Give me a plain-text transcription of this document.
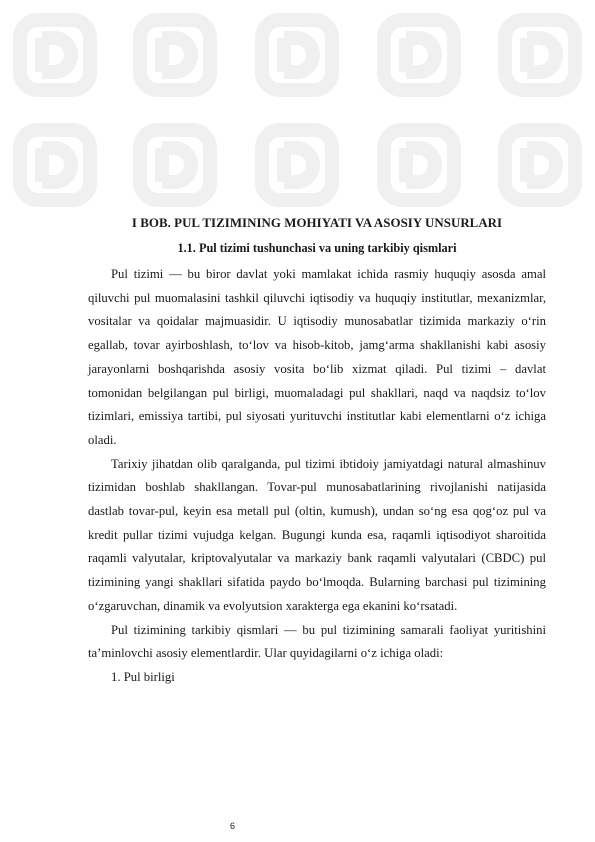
I BOB. PUL TIZIMINING MOHIYATI VA ASOSIY UNSURLARI
1.1. Pul tizimi tushunchasi va uning tarkibiy qismlari

Pul tizimi — bu biror davlat yoki mamlakat ichida rasmiy huquqiy asosda amal qiluvchi pul muomalasini tashkil qiluvchi iqtisodiy va huquqiy institutlar, mexanizmlar, vositalar va qoidalar majmuasidir. U iqtisodiy munosabatlar tizimida markaziy o‘rin egallab, tovar ayirboshlash, to‘lov va hisob-kitob, jamg‘arma shakllanishi kabi asosiy jarayonlarni boshqarishda asosiy vosita bo‘lib xizmat qiladi. Pul tizimi – davlat tomonidan belgilangan pul birligi, muomaladagi pul shakllari, naqd va naqdsiz to‘lov tizimlari, emissiya tartibi, pul siyosati yurituvchi institutlar kabi elementlarni o‘z ichiga oladi.

Tarixiy jihatdan olib qaralganda, pul tizimi ibtidoiy jamiyatdagi natural almashinuv tizimidan boshlab shakllangan. Tovar-pul munosabatlarining rivojlanishi natijasida dastlab tovar-pul, keyin esa metall pul (oltin, kumush), undan so‘ng esa qog‘oz pul va kredit pullar tizimi vujudga kelgan. Bugungi kunda esa, raqamli iqtisodiyot sharoitida raqamli valyutalar, kriptovalyutalar va markaziy bank raqamli valyutalari (CBDC) pul tizimining yangi shakllari sifatida paydo bo‘lmoqda. Bularning barchasi pul tizimining o‘zgaruvchan, dinamik va evolyutsion xarakterga ega ekanini ko‘rsatadi.

Pul tizimining tarkibiy qismlari — bu pul tizimining samarali faoliyat yuritishini ta’minlovchi asosiy elementlardir. Ular quyidagilarni o‘z ichiga oladi:

1. Pul birligi

6
